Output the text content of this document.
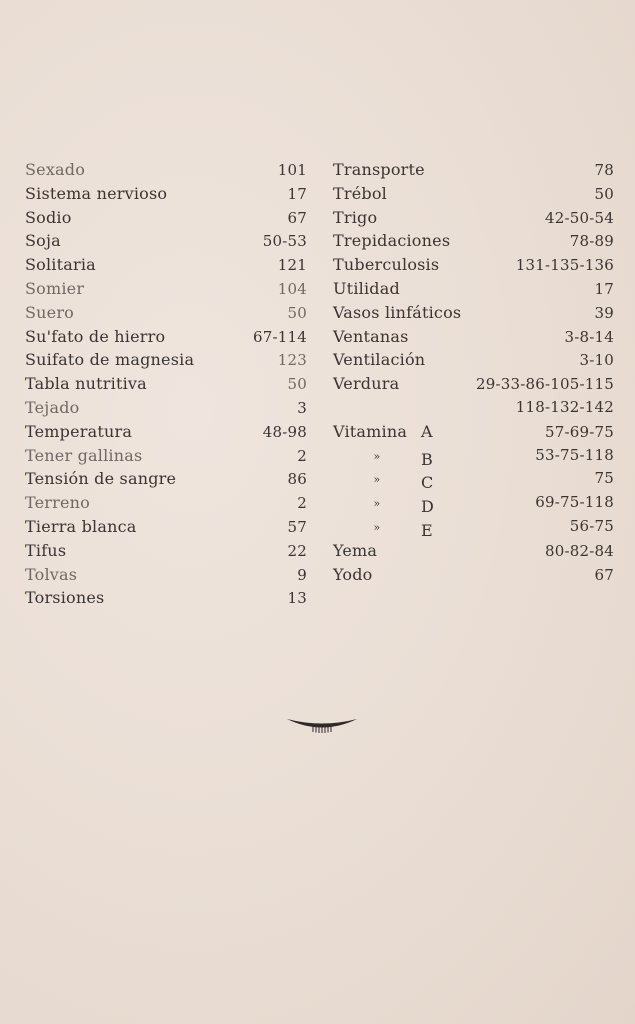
Sexado	101
Sistema nervioso	17
Sodio	67
Soja	50-53
Solitaria	121
Somier	104
Suero	50
Su'fato de hierro	67-114
Suifato de magnesia	123
Tabla nutritiva	50
Tejado	3
Temperatura	48-98
Tener gallinas	2
Tensión de sangre	86
Terreno	2
Tierra blanca	57
Tifus	22
Tolvas	9
Torsiones	13
Transporte	78
Trébol	50
Trigo	42-50-54
Trepidaciones	78-89
Tuberculosis	131-135-136
Utilidad	17
Vasos linfáticos	39
Ventanas	3-8-14
Ventilación	3-10
Verdura	29-33-86-105-115
118-132-142
Vitamina A	57-69-75
»	B	53-75-118
»	C	75
»	D	69-75-118
»	E	56-75
Yema	80-82-84
Yodo	67
